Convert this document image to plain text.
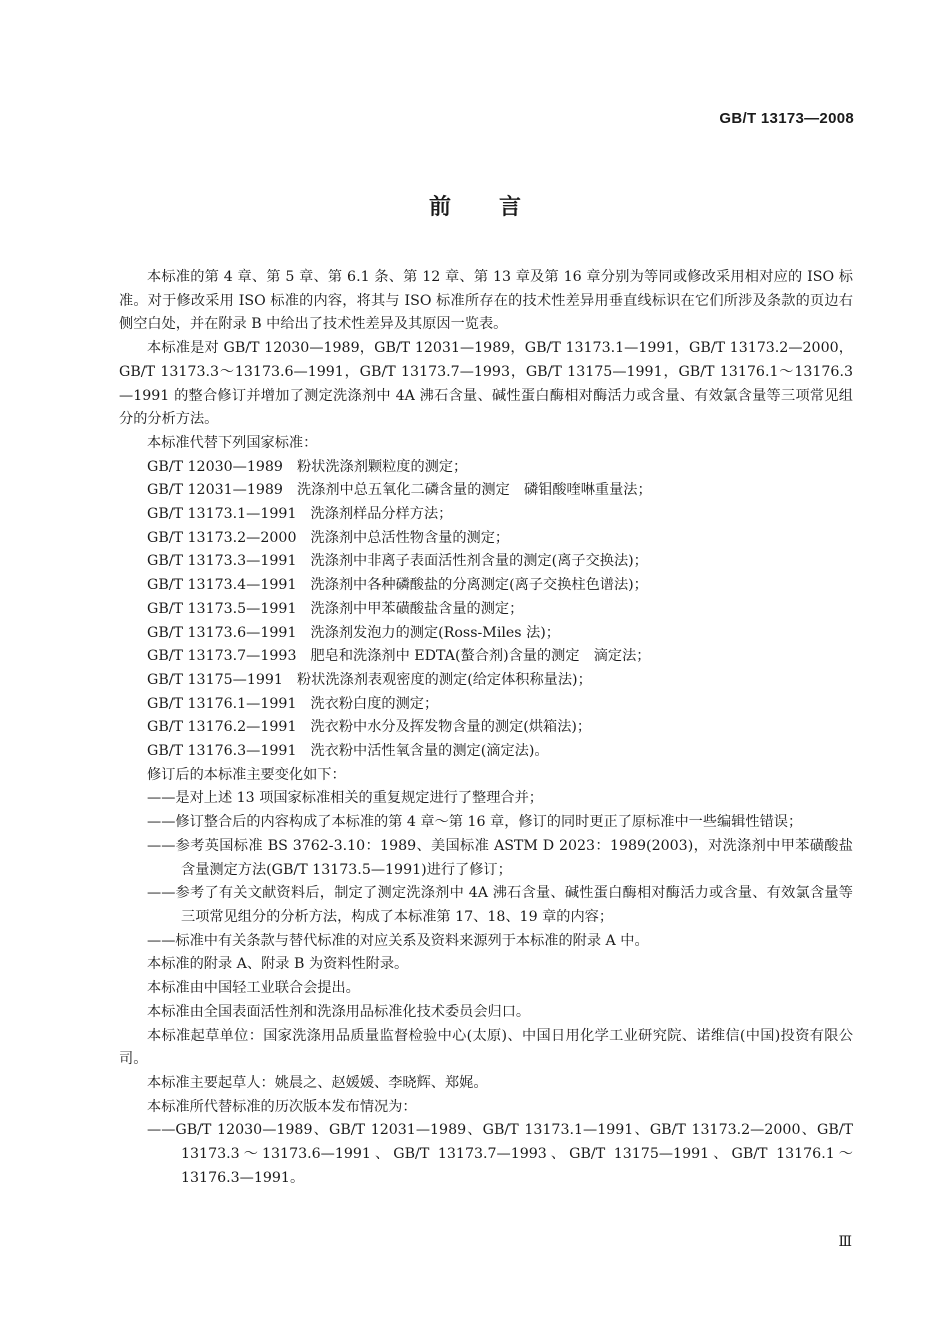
GB/T 13173—2008
前言

本标准的第 4 章、第 5 章、第 6.1 条、第 12 章、第 13 章及第 16 章分别为等同或修改采用相对应的 ISO 标准。对于修改采用 ISO 标准的内容，将其与 ISO 标准所存在的技术性差异用垂直线标识在它们所涉及条款的页边右侧空白处，并在附录 B 中给出了技术性差异及其原因一览表。

本标准是对 GB/T 12030—1989，GB/T 12031—1989，GB/T 13173.1—1991，GB/T 13173.2—2000，GB/T 13173.3～13173.6—1991，GB/T 13173.7—1993，GB/T 13175—1991，GB/T 13176.1～13176.3—1991 的整合修订并增加了测定洗涤剂中 4A 沸石含量、碱性蛋白酶相对酶活力或含量、有效氯含量等三项常见组分的分析方法。

本标准代替下列国家标准：

GB/T 12030—1989 粉状洗涤剂颗粒度的测定；

GB/T 12031—1989 洗涤剂中总五氧化二磷含量的测定　磷钼酸喹啉重量法；

GB/T 13173.1—1991 洗涤剂样品分样方法；

GB/T 13173.2—2000 洗涤剂中总活性物含量的测定；

GB/T 13173.3—1991 洗涤剂中非离子表面活性剂含量的测定(离子交换法)；

GB/T 13173.4—1991 洗涤剂中各种磷酸盐的分离测定(离子交换柱色谱法)；

GB/T 13173.5—1991 洗涤剂中甲苯磺酸盐含量的测定；

GB/T 13173.6—1991 洗涤剂发泡力的测定(Ross-Miles 法)；

GB/T 13173.7—1993 肥皂和洗涤剂中 EDTA(螯合剂)含量的测定　滴定法；

GB/T 13175—1991 粉状洗涤剂表观密度的测定(给定体积称量法)；

GB/T 13176.1—1991 洗衣粉白度的测定；

GB/T 13176.2—1991 洗衣粉中水分及挥发物含量的测定(烘箱法)；

GB/T 13176.3—1991 洗衣粉中活性氧含量的测定(滴定法)。

修订后的本标准主要变化如下：

——是对上述 13 项国家标准相关的重复规定进行了整理合并；

——修订整合后的内容构成了本标准的第 4 章～第 16 章，修订的同时更正了原标准中一些编辑性错误；

——参考英国标准 BS 3762-3.10：1989、美国标准 ASTM D 2023：1989(2003)，对洗涤剂中甲苯磺酸盐含量测定方法(GB/T 13173.5—1991)进行了修订；

——参考了有关文献资料后，制定了测定洗涤剂中 4A 沸石含量、碱性蛋白酶相对酶活力或含量、有效氯含量等三项常见组分的分析方法，构成了本标准第 17、18、19 章的内容；

——标准中有关条款与替代标准的对应关系及资料来源列于本标准的附录 A 中。

本标准的附录 A、附录 B 为资料性附录。

本标准由中国轻工业联合会提出。

本标准由全国表面活性剂和洗涤用品标准化技术委员会归口。

本标准起草单位：国家洗涤用品质量监督检验中心(太原)、中国日用化学工业研究院、诺维信(中国)投资有限公司。

本标准主要起草人：姚晨之、赵媛媛、李晓辉、郑娓。

本标准所代替标准的历次版本发布情况为：

——GB/T 12030—1989、GB/T 12031—1989、GB/T 13173.1—1991、GB/T 13173.2—2000、GB/T 13173.3～13173.6—1991、GB/T 13173.7—1993、GB/T 13175—1991、GB/T 13176.1～13176.3—1991。

Ⅲ
